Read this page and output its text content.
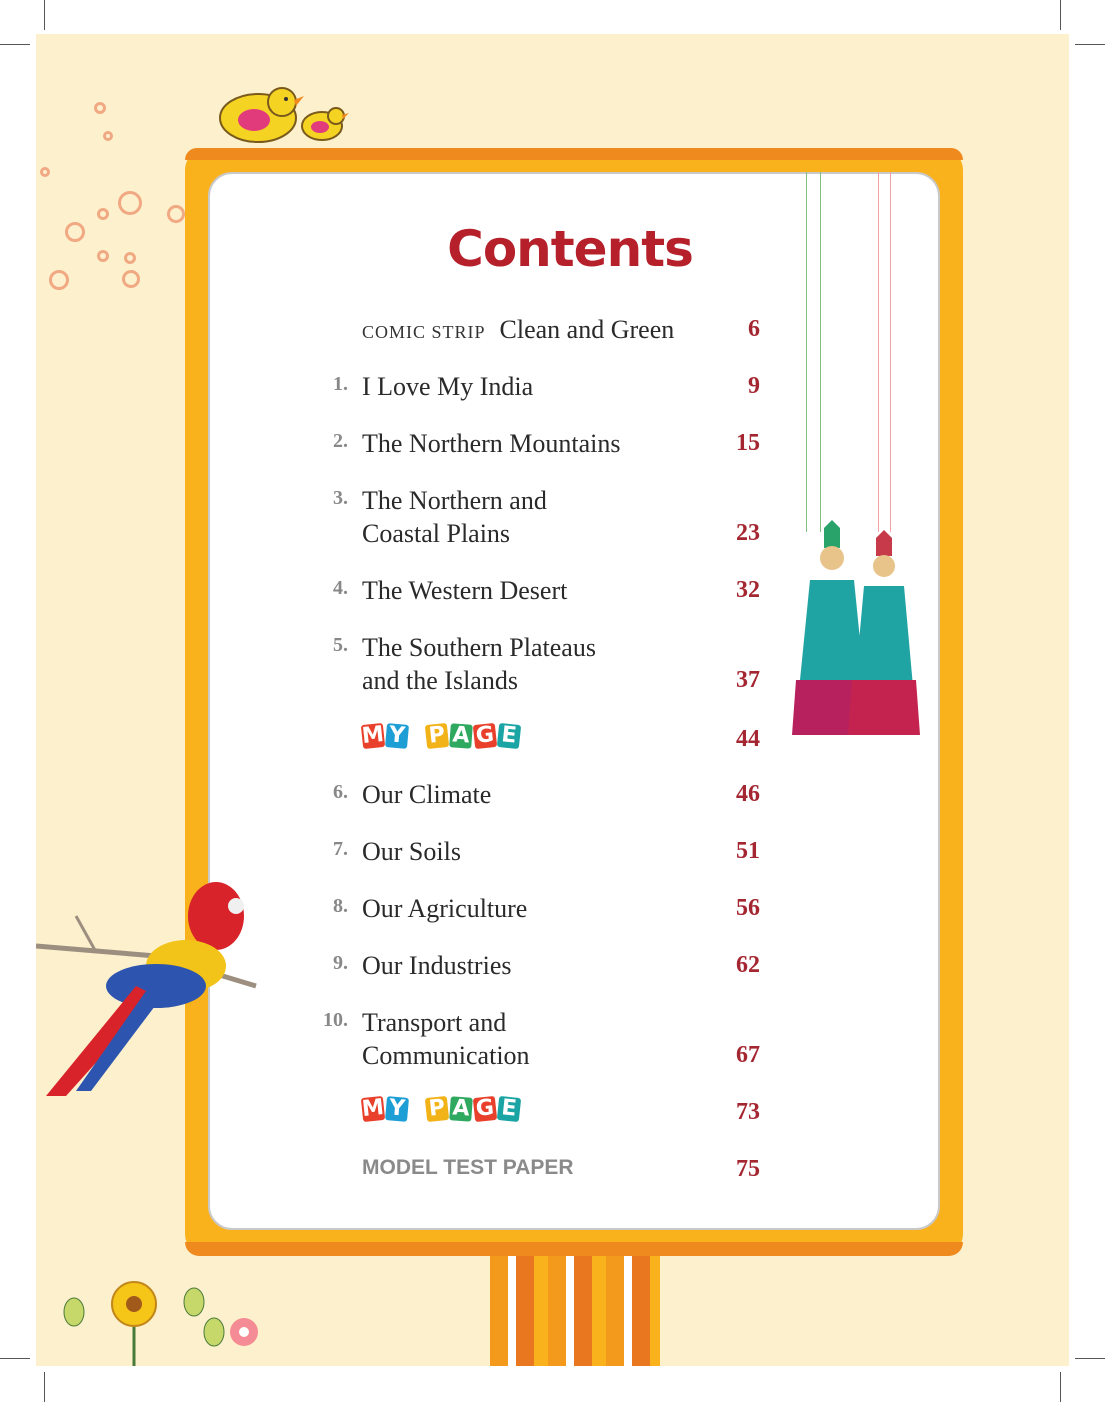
Contents
COMIC STRIP Clean and Green	6
1. I Love My India	9
2. The Northern Mountains	15
3. The Northern and
Coastal Plains	23
4. The Western Desert	32
5. The Southern Plateaus
and the Islands	37
M Y P A G E	44
6. Our Climate	46
7. Our Soils	51
8. Our Agriculture	56
9. Our Industries	62
10. Transport and
Communication	67
M Y P A G E	73
MODEL TEST PAPER	75
